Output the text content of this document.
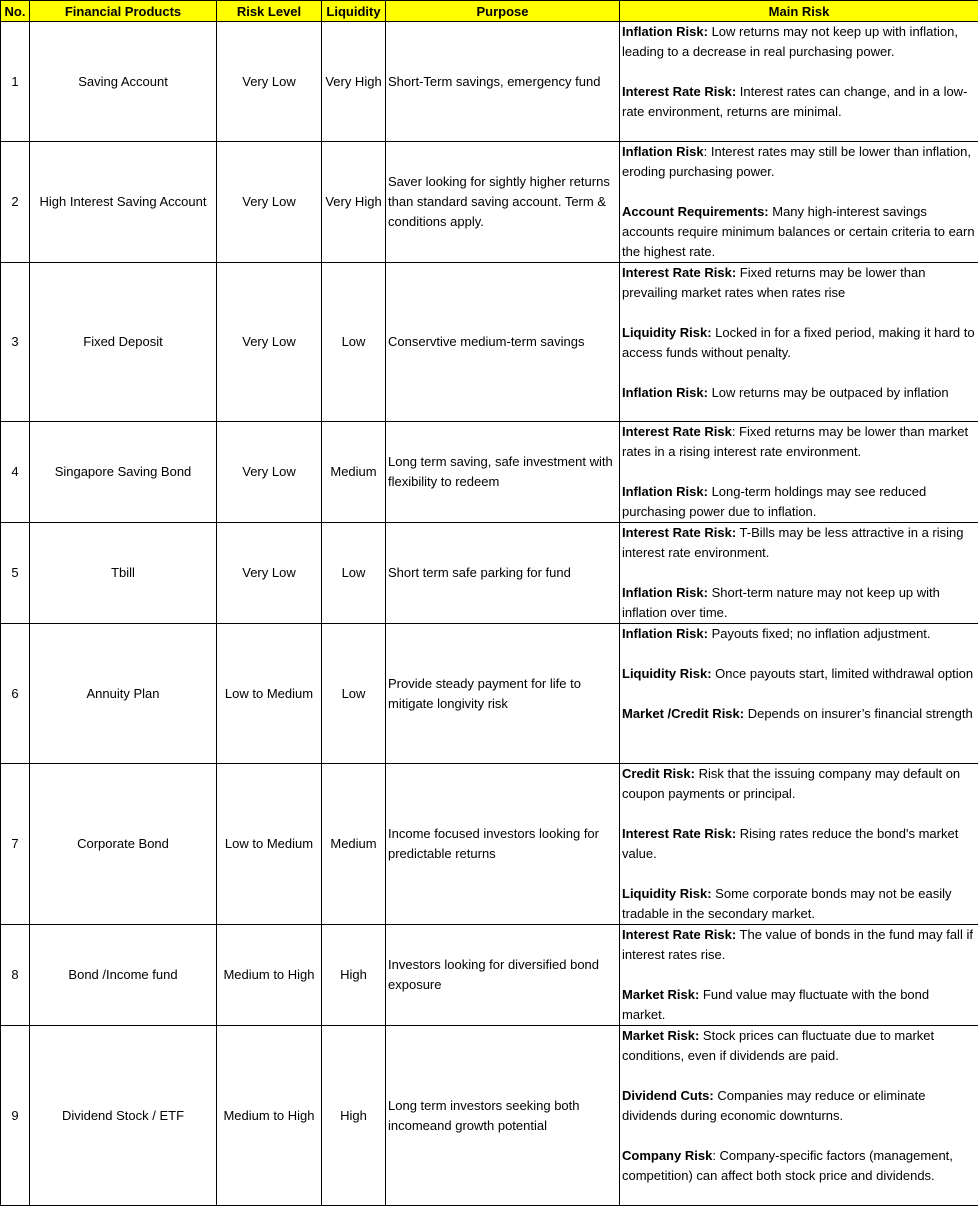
No.	Financial Products	Risk Level	Liquidity	Purpose	Main Risk
1	Saving Account	Very Low	Very High	Short-Term savings, emergency fund	Inflation Risk: Low returns may not keep up with inflation, leading to a decrease in real purchasing power.
Interest Rate Risk: Interest rates can change, and in a low-rate environment, returns are minimal.

2	High Interest Saving Account	Very Low	Very High	Saver looking for sightly higher returns than standard saving account. Term & conditions apply.	Inflation Risk: Interest rates may still be lower than inflation, eroding purchasing power.
Account Requirements: Many high-interest savings accounts require minimum balances or certain criteria to earn the highest rate.

3	Fixed Deposit	Very Low	Low	Conservtive medium-term savings	Interest Rate Risk: Fixed returns may be lower than prevailing market rates when rates rise
Liquidity Risk: Locked in for a fixed period, making it hard to access funds without penalty.
Inflation Risk: Low returns may be outpaced by inflation

4	Singapore Saving Bond	Very Low	Medium	Long term saving, safe investment with flexibility to redeem	Interest Rate Risk: Fixed returns may be lower than market rates in a rising interest rate environment.
Inflation Risk: Long-term holdings may see reduced purchasing power due to inflation.

5	Tbill	Very Low	Low	Short term safe parking for fund	Interest Rate Risk: T-Bills may be less attractive in a rising interest rate environment.
Inflation Risk: Short-term nature may not keep up with inflation over time.

6	Annuity Plan	Low to Medium	Low	Provide steady payment for life to mitigate longivity risk	Inflation Risk: Payouts fixed; no inflation adjustment.
Liquidity Risk: Once payouts start, limited withdrawal option
Market /Credit Risk: Depends on insurer’s financial strength

7	Corporate Bond	Low to Medium	Medium	Income focused investors looking for predictable returns	Credit Risk: Risk that the issuing company may default on coupon payments or principal.
Interest Rate Risk: Rising rates reduce the bond's market value.
Liquidity Risk: Some corporate bonds may not be easily tradable in the secondary market.

8	Bond /Income fund	Medium to High	High	Investors looking for diversified bond exposure	Interest Rate Risk: The value of bonds in the fund may fall if interest rates rise.
Market Risk: Fund value may fluctuate with the bond market.

9	Dividend Stock / ETF	Medium to High	High	Long term investors seeking both incomeand growth potential	Market Risk: Stock prices can fluctuate due to market conditions, even if dividends are paid.
Dividend Cuts: Companies may reduce or eliminate dividends during economic downturns.
Company Risk: Company-specific factors (management, competition) can affect both stock price and dividends.
